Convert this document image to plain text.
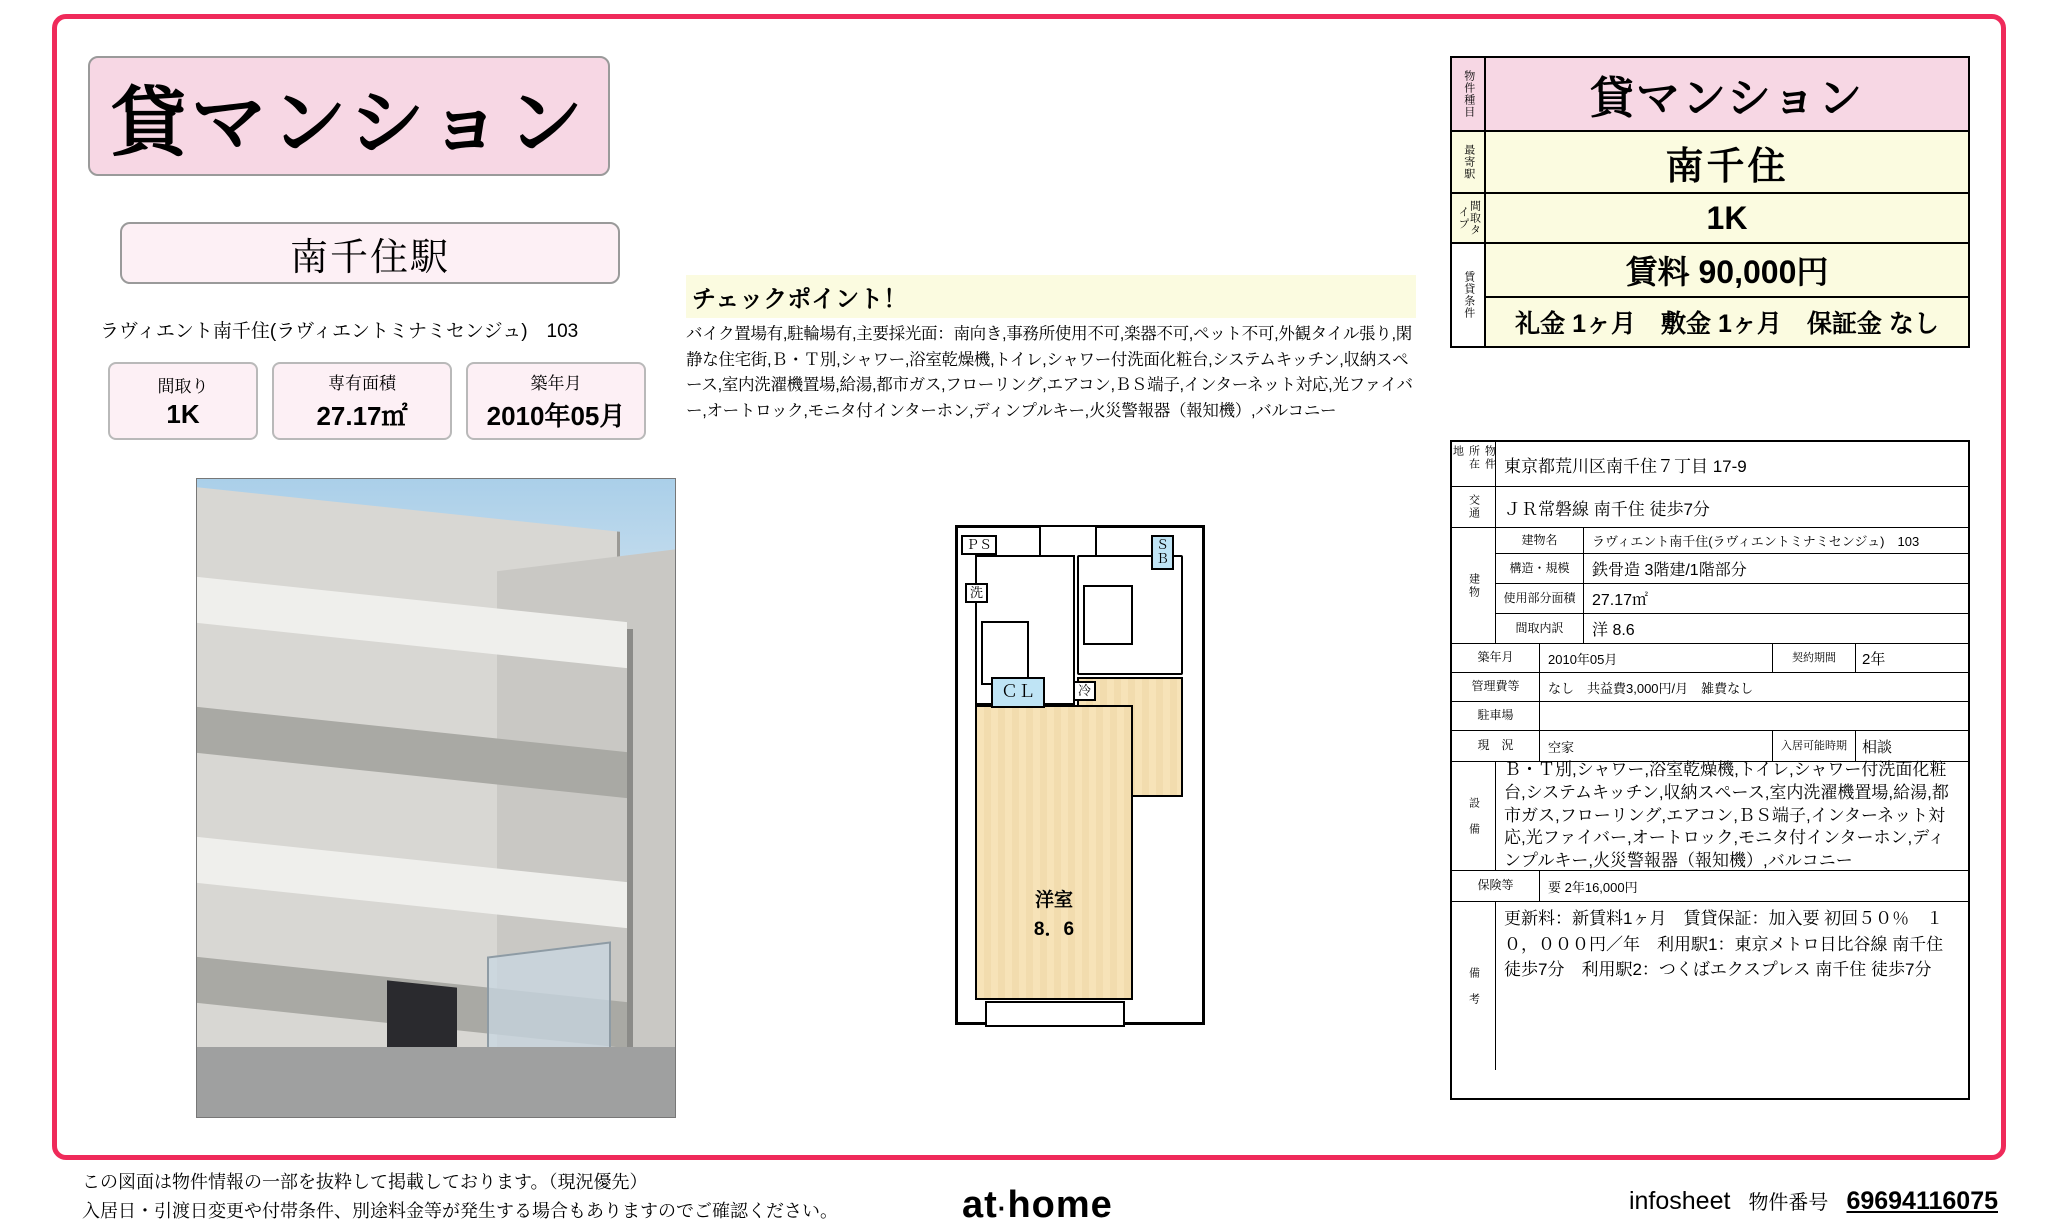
貸マンション
南千住駅
ラヴィエント南千住(ラヴィエントミナミセンジュ)　103
間取り
1K
専有面積
27.17㎡
築年月
2010年05月
チェックポイント！
バイク置場有,駐輪場有,主要採光面：南向き,事務所使用不可,楽器不可,ペット不可,外観タイル張り,閑静な住宅街,Ｂ・Ｔ別,シャワー,浴室乾燥機,トイレ,シャワー付洗面化粧台,システムキッチン,収納スペース,室内洗濯機置場,給湯,都市ガス,フローリング,エアコン,ＢＳ端子,インターネット対応,光ファイバー,オートロック,モニタ付インターホン,ディンプルキー,火災警報器（報知機）,バルコニー
洋室
8．6
ＰＳ
洗
Ｓ
Ｂ
冷
ＣＬ
物件種目	貸マンション
最寄駅	南千住
間取タイプ	1K
賃貸条件	賃料 90,000円
礼金 1ヶ月　敷金 1ヶ月　保証金 なし
物件所在地
東京都荒川区南千住７丁目 17-9
交通	ＪＲ常磐線 南千住 徒歩7分
建物
建物名	ラヴィエント南千住(ラヴィエントミナミセンジュ)　103
構造・規模	鉄骨造 3階建/1階部分
使用部分面積	27.17㎡
間取内訳	洋 8.6
築年月	2010年05月	契約期間	2年
管理費等	なし　共益費3,000円/月　雑費なし
駐車場
現　況	空家	入居可能時期	相談
設　備
Ｂ・Ｔ別,シャワー,浴室乾燥機,トイレ,シャワー付洗面化粧台,システムキッチン,収納スペース,室内洗濯機置場,給湯,都市ガス,フローリング,エアコン,ＢＳ端子,インターネット対応,光ファイバー,オートロック,モニタ付インターホン,ディンプルキー,火災警報器（報知機）,バルコニー
保険等	要 2年16,000円
備　考
更新料：新賃料1ヶ月　賃貸保証：加入要 初回５０％　１０，０００円／年　利用駅1：東京メトロ日比谷線 南千住 徒歩7分　利用駅2：つくばエクスプレス 南千住 徒歩7分
この図面は物件情報の一部を抜粋して掲載しております。（現況優先）
入居日・引渡日変更や付帯条件、別途料金等が発生する場合もありますのでご確認ください。	at·home	infosheet 物件番号 69694116075
